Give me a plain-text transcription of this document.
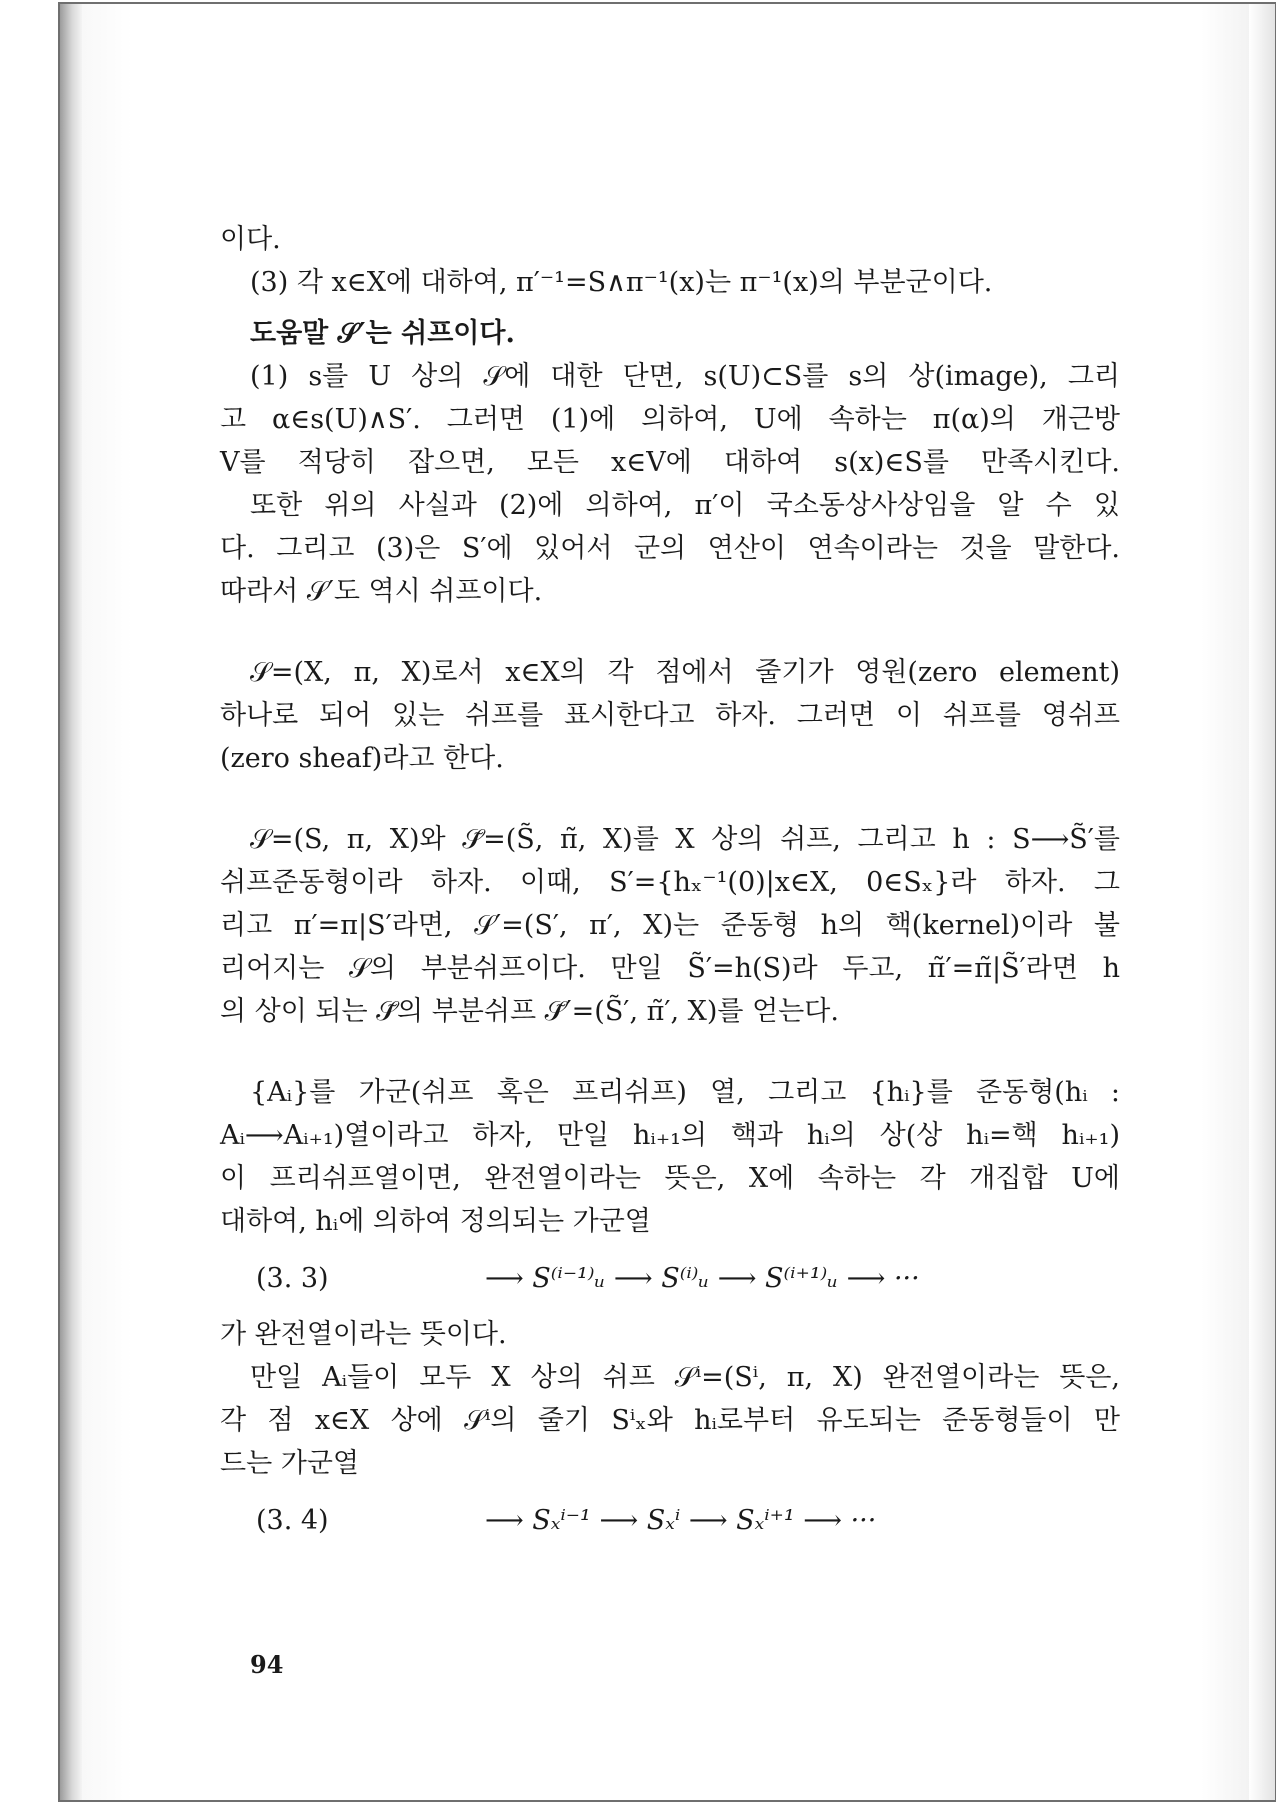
이다.
(3) 각 x∈X에 대하여, π′⁻¹=S∧π⁻¹(x)는 π⁻¹(x)의 부분군이다.
도움말 𝒮′는 쉬프이다.
(1) s를 U 상의 𝒮에 대한 단면, s(U)⊂S를 s의 상(image), 그리
고 α∈s(U)∧S′. 그러면 (1)에 의하여, U에 속하는 π(α)의 개근방
V를 적당히 잡으면, 모든 x∈V에 대하여 s(x)∈S를 만족시킨다.
또한 위의 사실과 (2)에 의하여, π′이 국소동상사상임을 알 수 있
다. 그리고 (3)은 S′에 있어서 군의 연산이 연속이라는 것을 말한다.
따라서 𝒮′도 역시 쉬프이다.
𝒮=(X, π, X)로서 x∈X의 각 점에서 줄기가 영원(zero element)
하나로 되어 있는 쉬프를 표시한다고 하자. 그러면 이 쉬프를 영쉬프
(zero sheaf)라고 한다.
𝒮=(S, π, X)와 𝒮̃=(S̃, π̃, X)를 X 상의 쉬프, 그리고 h : S⟶S̃′를
쉬프준동형이라 하자. 이때, S′={hₓ⁻¹(0)|x∈X, 0∈Sₓ}라 하자. 그
리고 π′=π|S′라면, 𝒮′=(S′, π′, X)는 준동형 h의 핵(kernel)이라 불
리어지는 𝒮의 부분쉬프이다. 만일 S̃′=h(S)라 두고, π̃′=π̃|S̃′라면 h
의 상이 되는 𝒮̃의 부분쉬프 𝒮̃′=(S̃′, π̃′, X)를 얻는다.
{Aᵢ}를 가군(쉬프 혹은 프리쉬프) 열, 그리고 {hᵢ}를 준동형(hᵢ :
Aᵢ⟶Aᵢ₊₁)열이라고 하자, 만일 hᵢ₊₁의 핵과 hᵢ의 상(상 hᵢ=핵 hᵢ₊₁)
이 프리쉬프열이면, 완전열이라는 뜻은, X에 속하는 각 개집합 U에
대하여, hᵢ에 의하여 정의되는 가군열
(3. 3)	⟶ S⁽ⁱ⁻¹⁾ᵤ ⟶ S⁽ⁱ⁾ᵤ ⟶ S⁽ⁱ⁺¹⁾ᵤ ⟶ ···
가 완전열이라는 뜻이다.
만일 Aᵢ들이 모두 X 상의 쉬프 𝒮ⁱ=(Sⁱ, π, X) 완전열이라는 뜻은,
각 점 x∈X 상에 𝒮ⁱ의 줄기 Sⁱₓ와 hᵢ로부터 유도되는 준동형들이 만
드는 가군열
(3. 4)	⟶ Sₓⁱ⁻¹ ⟶ Sₓⁱ ⟶ Sₓⁱ⁺¹ ⟶ ···
94
